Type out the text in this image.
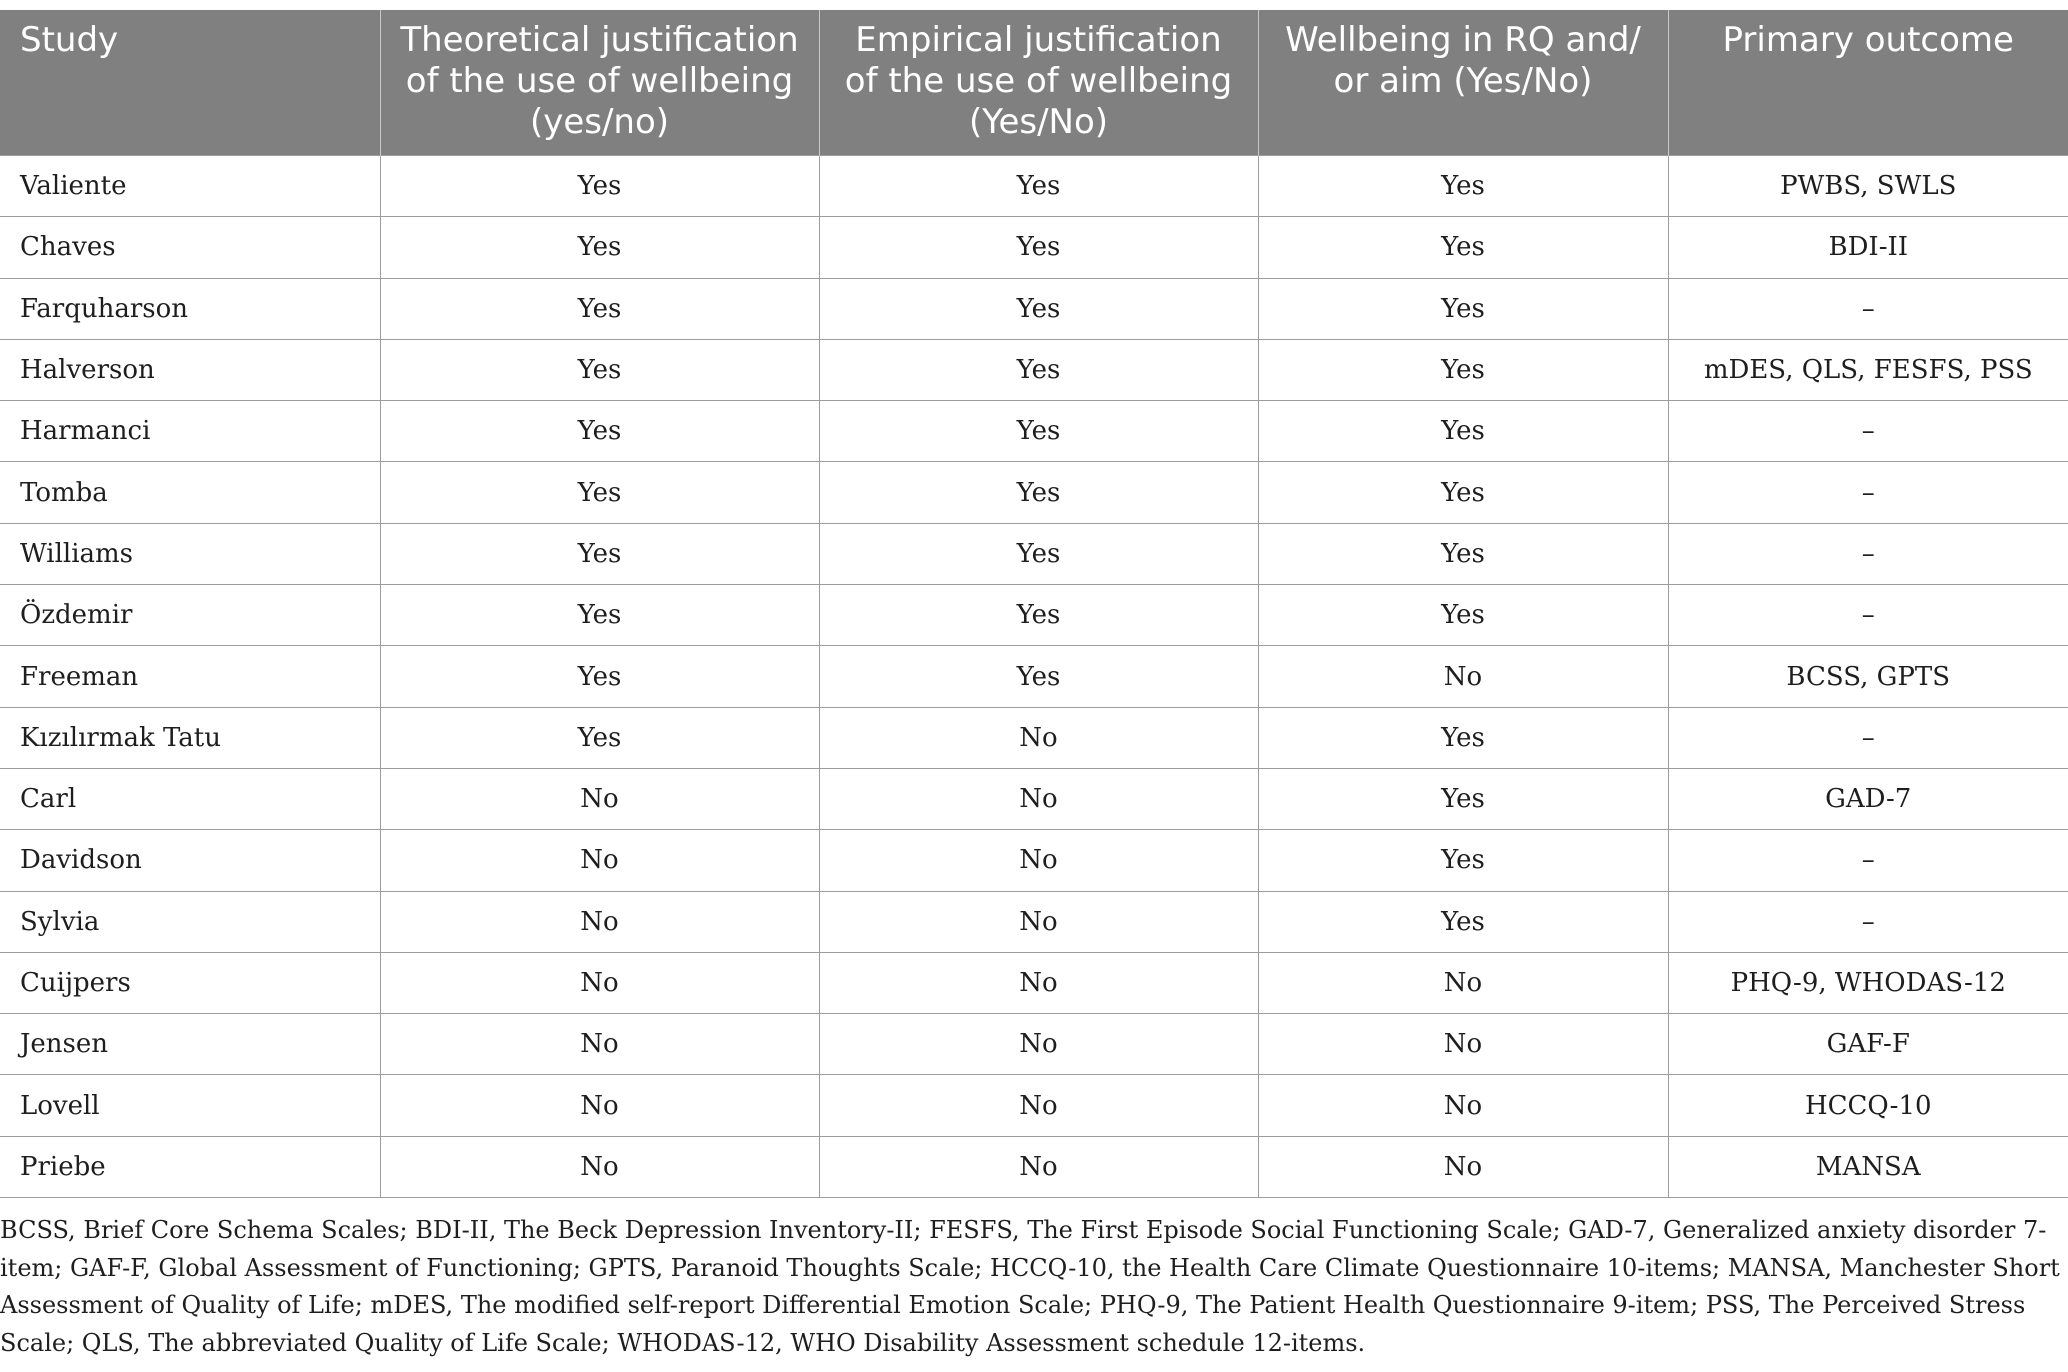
Study	Theoretical justification of the use of wellbeing (yes/no)	Empirical justification of the use of wellbeing (Yes/No)	Wellbeing in RQ and/ or aim (Yes/No)	Primary outcome
Valiente	Yes	Yes	Yes	PWBS, SWLS
Chaves	Yes	Yes	Yes	BDI-II
Farquharson	Yes	Yes	Yes	–
Halverson	Yes	Yes	Yes	mDES, QLS, FESFS, PSS
Harmanci	Yes	Yes	Yes	–
Tomba	Yes	Yes	Yes	–
Williams	Yes	Yes	Yes	–
Özdemir	Yes	Yes	Yes	–
Freeman	Yes	Yes	No	BCSS, GPTS
Kızılırmak Tatu	Yes	No	Yes	–
Carl	No	No	Yes	GAD-7
Davidson	No	No	Yes	–
Sylvia	No	No	Yes	–
Cuijpers	No	No	No	PHQ-9, WHODAS-12
Jensen	No	No	No	GAF-F
Lovell	No	No	No	HCCQ-10
Priebe	No	No	No	MANSA

BCSS, Brief Core Schema Scales; BDI-II, The Beck Depression Inventory-II; FESFS, The First Episode Social Functioning Scale; GAD-7, Generalized anxiety disorder 7-item; GAF-F, Global Assessment of Functioning; GPTS, Paranoid Thoughts Scale; HCCQ-10, the Health Care Climate Questionnaire 10-items; MANSA, Manchester Short Assessment of Quality of Life; mDES, The modified self-report Differential Emotion Scale; PHQ-9, The Patient Health Questionnaire 9-item; PSS, The Perceived Stress Scale; QLS, The abbreviated Quality of Life Scale; WHODAS-12, WHO Disability Assessment schedule 12-items.
